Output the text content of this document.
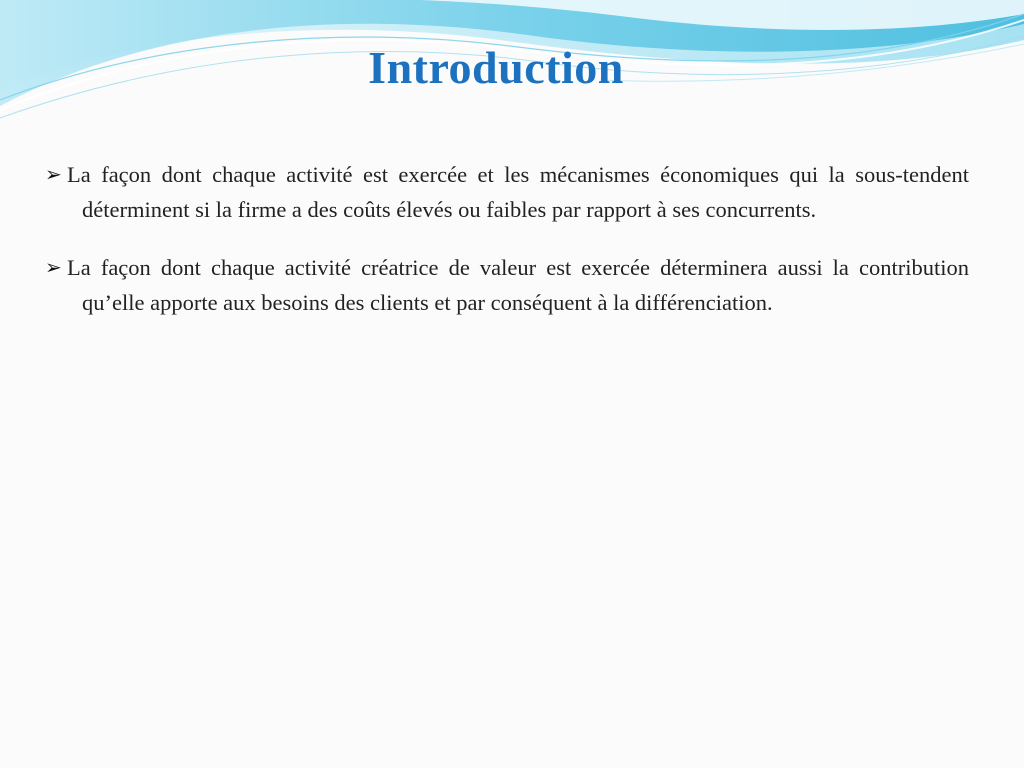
Introduction

➢ La façon dont chaque activité est exercée et les mécanismes économiques qui la sous-tendent déterminent si la firme a des coûts élevés ou faibles par rapport à ses concurrents.

➢ La façon dont chaque activité créatrice de valeur est exercée déterminera aussi la contribution qu’elle apporte aux besoins des clients et par conséquent à la différenciation.
